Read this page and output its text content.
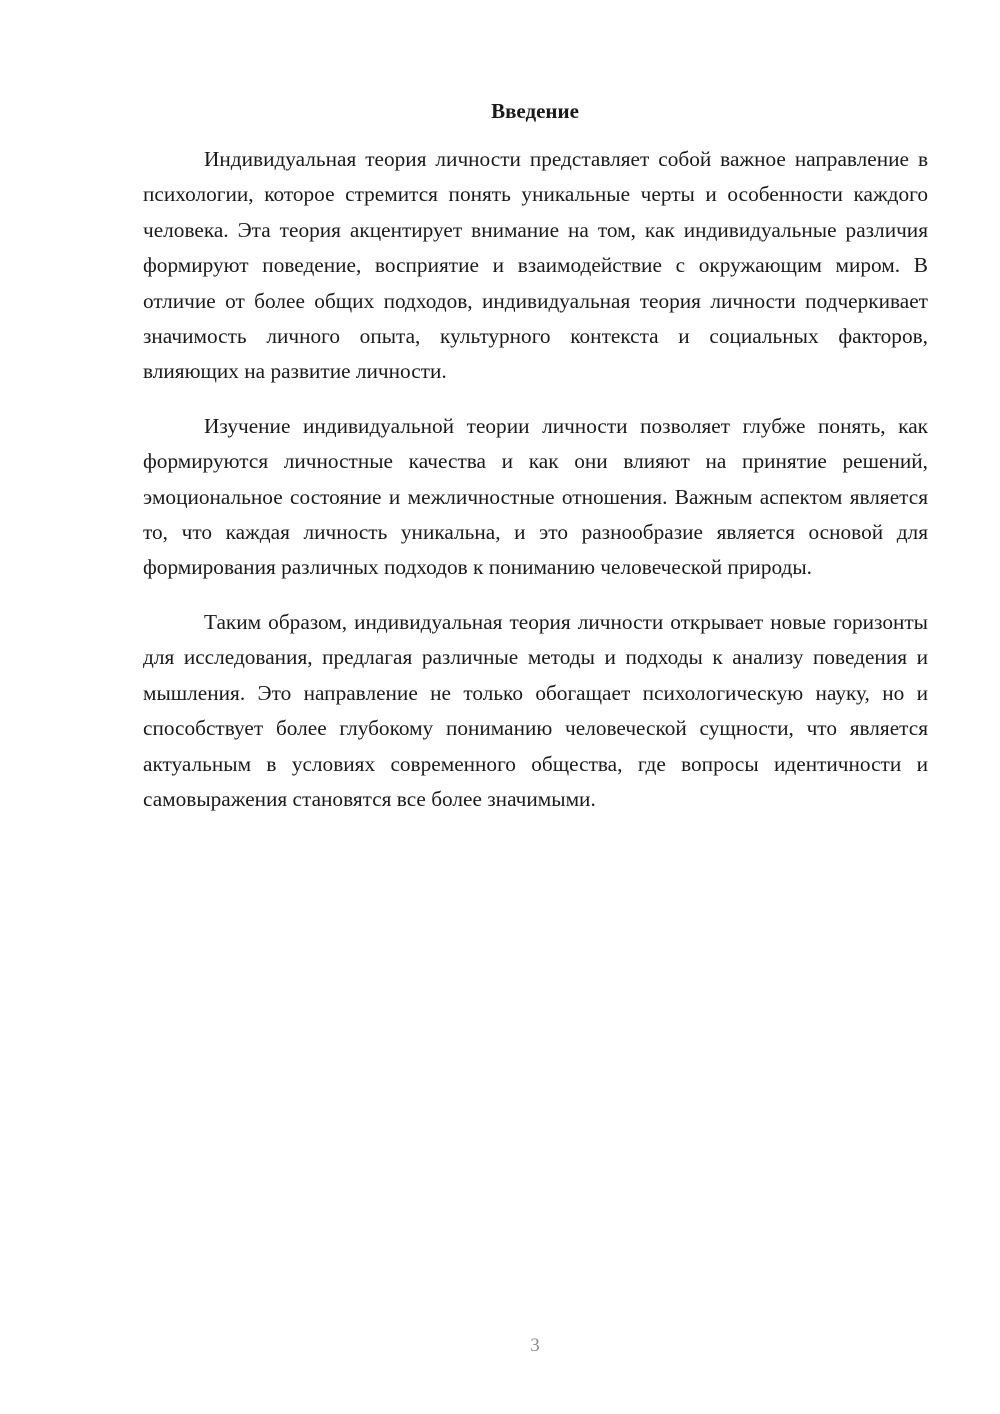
Введение

Индивидуальная теория личности представляет собой важное направление в психологии, которое стремится понять уникальные черты и особенности каждого человека. Эта теория акцентирует внимание на том, как индивидуальные различия формируют поведение, восприятие и взаимодействие с окружающим миром. В отличие от более общих подходов, индивидуальная теория личности подчеркивает значимость личного опыта, культурного контекста и социальных факторов, влияющих на развитие личности.

Изучение индивидуальной теории личности позволяет глубже понять, как формируются личностные качества и как они влияют на принятие решений, эмоциональное состояние и межличностные отношения. Важным аспектом является то, что каждая личность уникальна, и это разнообразие является основой для формирования различных подходов к пониманию человеческой природы.

Таким образом, индивидуальная теория личности открывает новые горизонты для исследования, предлагая различные методы и подходы к анализу поведения и мышления. Это направление не только обогащает психологическую науку, но и способствует более глубокому пониманию человеческой сущности, что является актуальным в условиях современного общества, где вопросы идентичности и самовыражения становятся все более значимыми.

3
